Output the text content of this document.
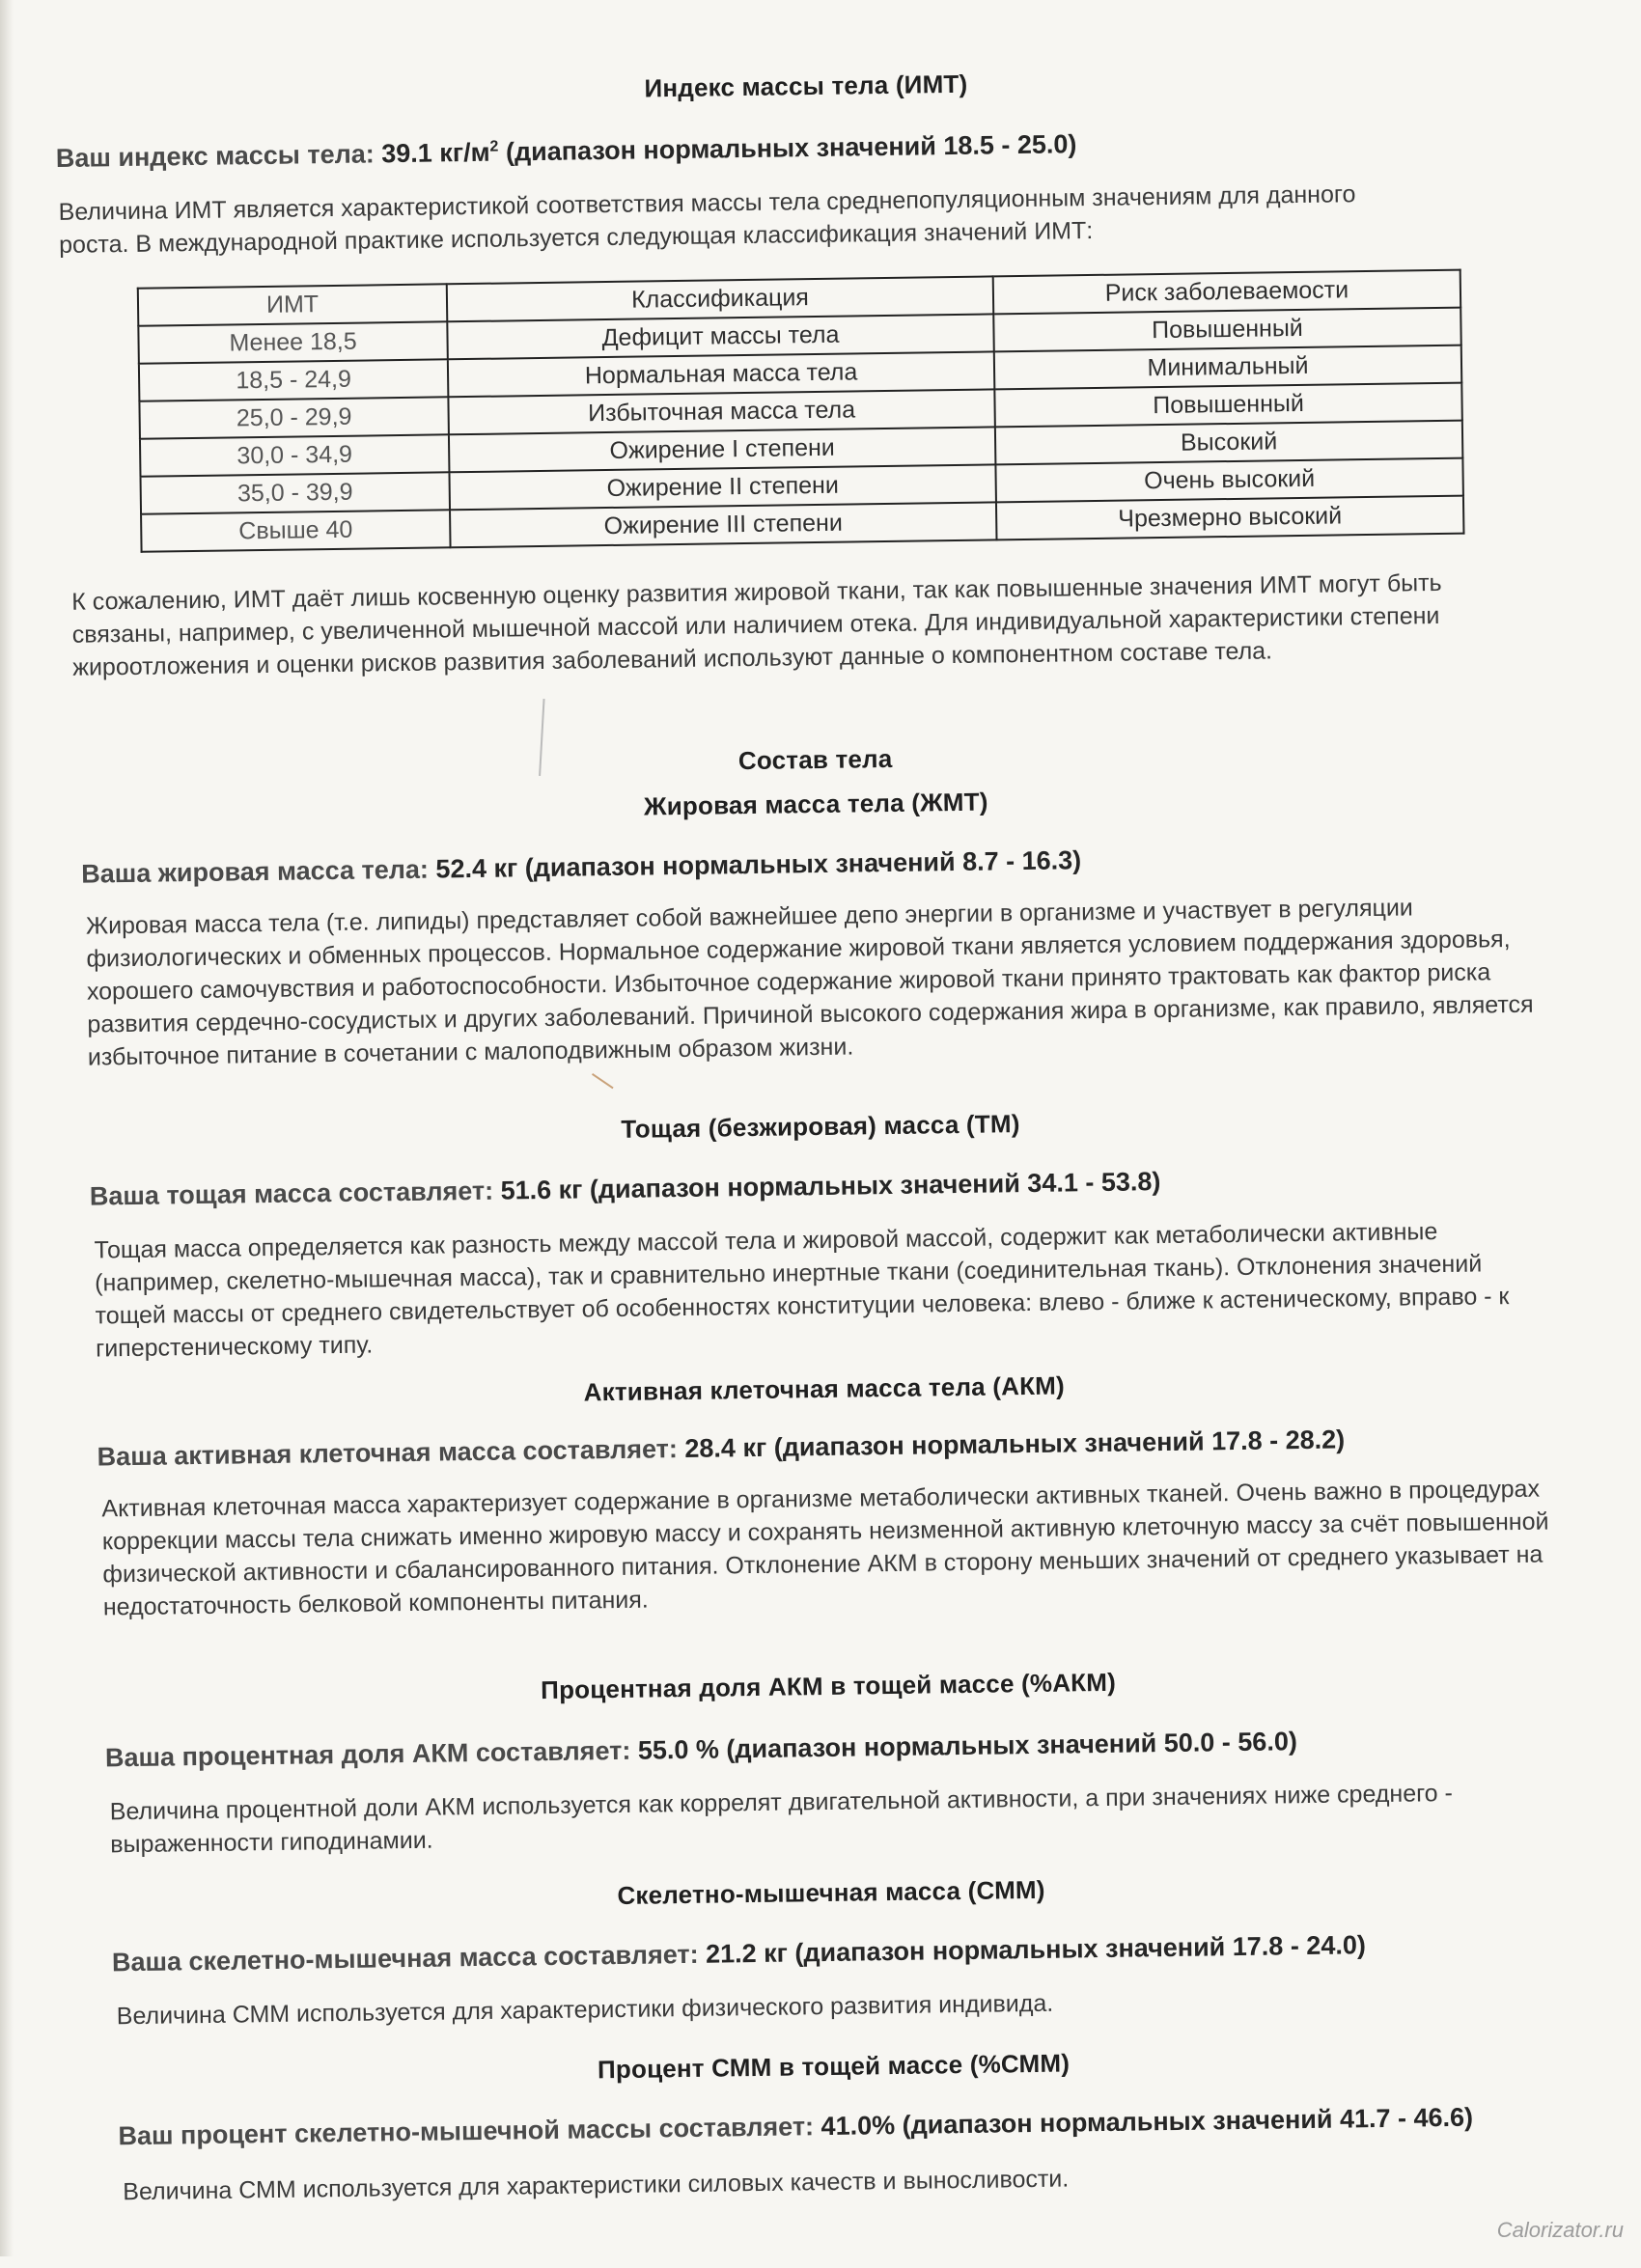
Индекс массы тела (ИМТ)

Ваш индекс массы тела: 39.1 $кг/м^2$ (диапазон нормальных значений 18.5 - 25.0)

Величина ИМТ является характеристикой соответствия массы тела среднепопуляционным значениям для данного роста. В международной практике используется следующая классификация значений ИМТ:

ИМТ	Классификация	Риск заболеваемости
Менее 18,5	Дефицит массы тела	Повышенный
18,5 - 24,9	Нормальная масса тела	Минимальный
25,0 - 29,9	Избыточная масса тела	Повышенный
30,0 - 34,9	Ожирение I степени	Высокий
35,0 - 39,9	Ожирение II степени	Очень высокий
Свыше 40	Ожирение III степени	Чрезмерно высокий

К сожалению, ИМТ даёт лишь косвенную оценку развития жировой ткани, так как повышенные значения ИМТ могут быть связаны, например, с увеличенной мышечной массой или наличием отека. Для индивидуальной характеристики степени жироотложения и оценки рисков развития заболеваний используют данные о компонентном составе тела.

Состав тела
Жировая масса тела (ЖМТ)

Ваша жировая масса тела: 52.4 кг (диапазон нормальных значений 8.7 - 16.3)

Жировая масса тела (т.е. липиды) представляет собой важнейшее депо энергии в организме и участвует в регуляции физиологических и обменных процессов. Нормальное содержание жировой ткани является условием поддержания здоровья, хорошего самочувствия и работоспособности. Избыточное содержание жировой ткани принято трактовать как фактор риска развития сердечно-сосудистых и других заболеваний. Причиной высокого содержания жира в организме, как правило, является избыточное питание в сочетании с малоподвижным образом жизни.

Тощая (безжировая) масса (ТМ)

Ваша тощая масса составляет: 51.6 кг (диапазон нормальных значений 34.1 - 53.8)

Тощая масса определяется как разность между массой тела и жировой массой, содержит как метаболически активные (например, скелетно-мышечная масса), так и сравнительно инертные ткани (соединительная ткань). Отклонения значений тощей массы от среднего свидетельствует об особенностях конституции человека: влево - ближе к астеническому, вправо - к гиперстеническому типу.

Активная клеточная масса тела (АКМ)

Ваша активная клеточная масса составляет: 28.4 кг (диапазон нормальных значений 17.8 - 28.2)

Активная клеточная масса характеризует содержание в организме метаболически активных тканей. Очень важно в процедурах коррекции массы тела снижать именно жировую массу и сохранять неизменной активную клеточную массу за счёт повышенной физической активности и сбалансированного питания. Отклонение АКМ в сторону меньших значений от среднего указывает на недостаточность белковой компоненты питания.

Процентная доля АКМ в тощей массе (%АКМ)

Ваша процентная доля АКМ составляет: 55.0 % (диапазон нормальных значений 50.0 - 56.0)

Величина процентной доли АКМ используется как коррелят двигательной активности, а при значениях ниже среднего - выраженности гиподинамии.

Скелетно-мышечная масса (СММ)

Ваша скелетно-мышечная масса составляет: 21.2 кг (диапазон нормальных значений 17.8 - 24.0)

Величина СММ используется для характеристики физического развития индивида.

Процент СММ в тощей массе (%СММ)

Ваш процент скелетно-мышечной массы составляет: 41.0% (диапазон нормальных значений 41.7 - 46.6)

Величина СММ используется для характеристики силовых качеств и выносливости.

Calorizator.ru
